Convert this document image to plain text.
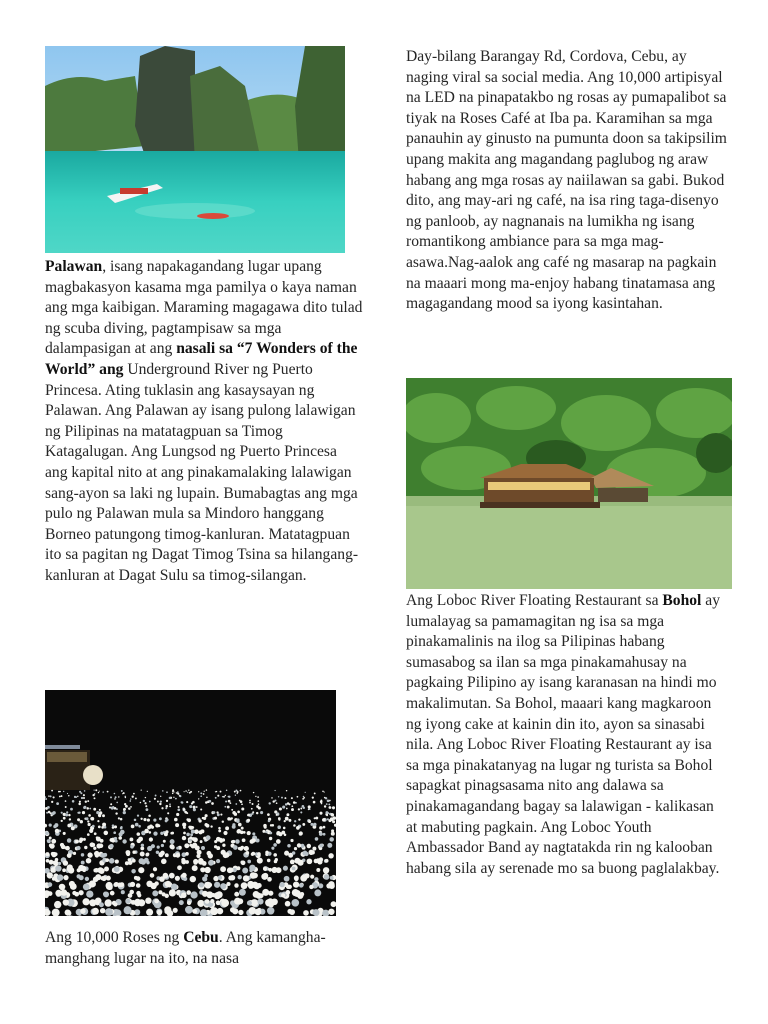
Palawan, isang napakagandang lugar upang magbakasyon kasama mga pamilya o kaya naman ang mga kaibigan. Maraming magagawa dito tulad ng scuba diving, pagtampisaw sa mga dalampasigan at ang nasali sa “7 Wonders of the World” ang Underground River ng Puerto Princesa. Ating tuklasin ang kasaysayan ng Palawan. Ang Palawan ay isang pulong lalawigan ng Pilipinas na matatagpuan sa Timog Katagalugan. Ang Lungsod ng Puerto Princesa ang kapital nito at ang pinakamalaking lalawigan sang-ayon sa laki ng lupain. Bumabagtas ang mga pulo ng Palawan mula sa Mindoro hanggang Borneo patungong timog-kanluran. Matatagpuan ito sa pagitan ng Dagat Timog Tsina sa hilangang-kanluran at Dagat Sulu sa timog-silangan.

Ang 10,000 Roses ng Cebu. Ang kamangha-manghang lugar na ito, na nasa

Day-bilang Barangay Rd, Cordova, Cebu, ay naging viral sa social media. Ang 10,000 artipisyal na LED na pinapatakbo ng rosas ay pumapalibot sa tiyak na Roses Café at Iba pa. Karamihan sa mga panauhin ay ginusto na pumunta doon sa takipsilim upang makita ang magandang paglubog ng araw habang ang mga rosas ay naiilawan sa gabi. Bukod dito, ang may-ari ng café, na isa ring taga-disenyo ng panloob, ay nagnanais na lumikha ng isang romantikong ambiance para sa mga mag-asawa.Nag-aalok ang café ng masarap na pagkain na maaari mong ma-enjoy habang tinatamasa ang magagandang mood sa iyong kasintahan.

Ang Loboc River Floating Restaurant sa Bohol ay lumalayag sa pamamagitan ng isa sa mga pinakamalinis na ilog sa Pilipinas habang sumasabog sa ilan sa mga pinakamahusay na pagkaing Pilipino ay isang karanasan na hindi mo makalimutan. Sa Bohol, maaari kang magkaroon ng iyong cake at kainin din ito, ayon sa sinasabi nila. Ang Loboc River Floating Restaurant ay isa sa mga pinakatanyag na lugar ng turista sa Bohol sapagkat pinagsasama nito ang dalawa sa pinakamagandang bagay sa lalawigan - kalikasan at mabuting pagkain. Ang Loboc Youth Ambassador Band ay nagtatakda rin ng kalooban habang sila ay serenade mo sa buong paglalakbay.
